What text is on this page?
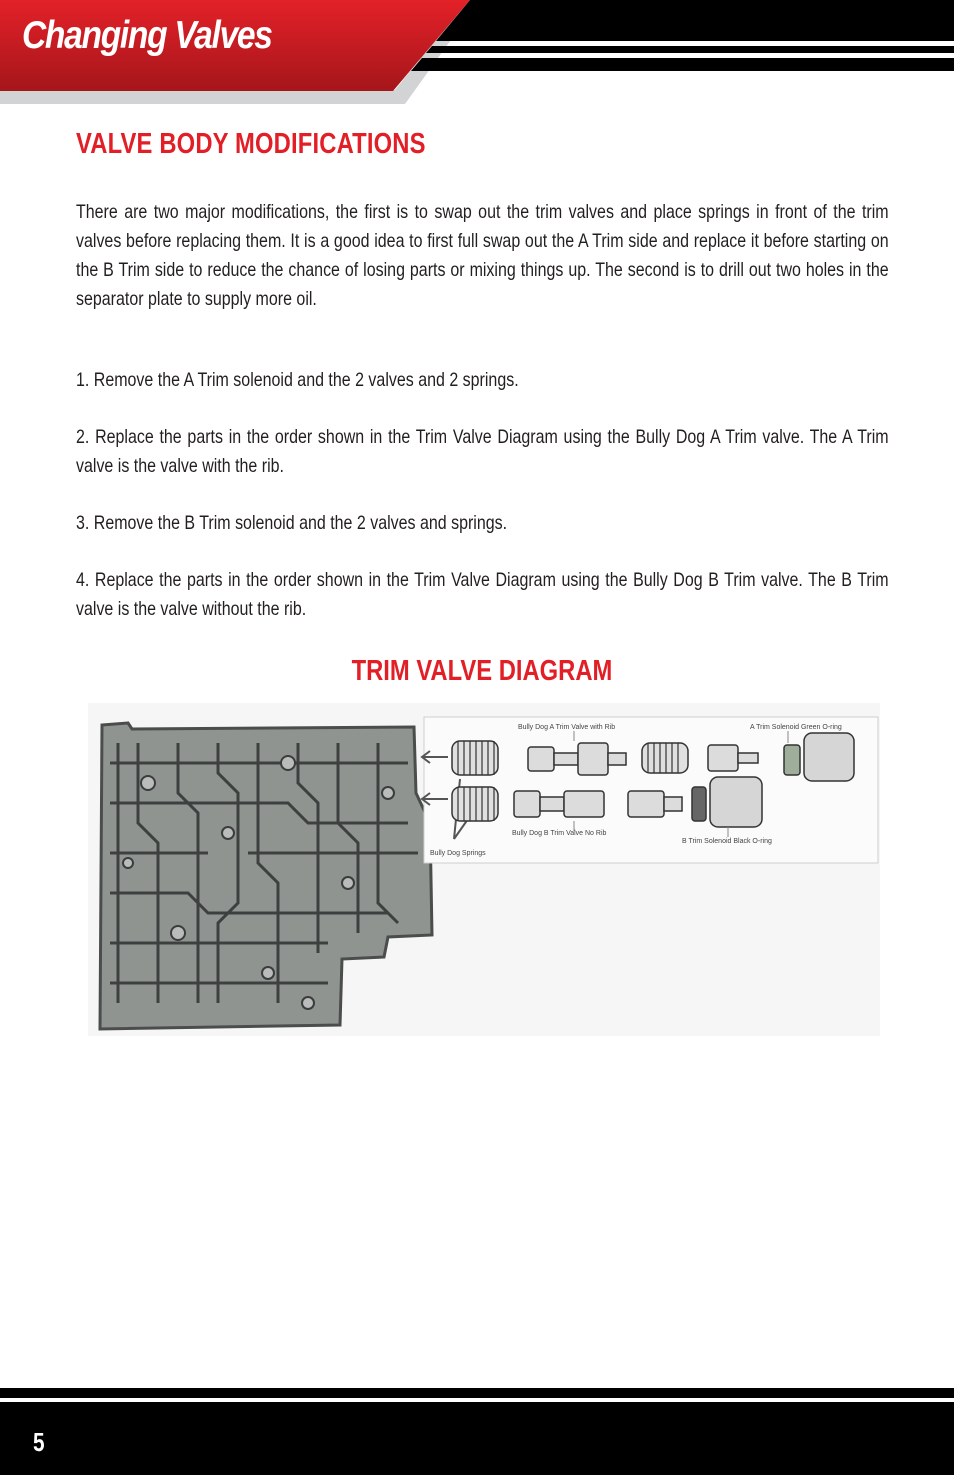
Changing Valves
VALVE BODY MODIFICATIONS

There are two major modifications, the first is to swap out the trim valves and place springs in front of the trim valves before replacing them. It is a good idea to first full swap out the A Trim side and replace it before starting on the B Trim side to reduce the chance of losing parts or mixing things up. The second is to drill out two holes in the separator plate to supply more oil.

1. Remove the A Trim solenoid and the 2 valves and 2 springs.

2. Replace the parts in the order shown in the Trim Valve Diagram using the Bully Dog A Trim valve. The A Trim valve is the valve with the rib.

3. Remove the B Trim solenoid and the 2 valves and springs.

4. Replace the parts in the order shown in the Trim Valve Diagram using the Bully Dog B Trim valve. The B Trim valve is the valve without the rib.

TRIM VALVE DIAGRAM
Bully Dog A Trim Valve with Rib	A Trim Solenoid Green O-ring
Bully Dog B Trim Valve No Rib
B Trim Solenoid Black O-ring
Bully Dog Springs

5
